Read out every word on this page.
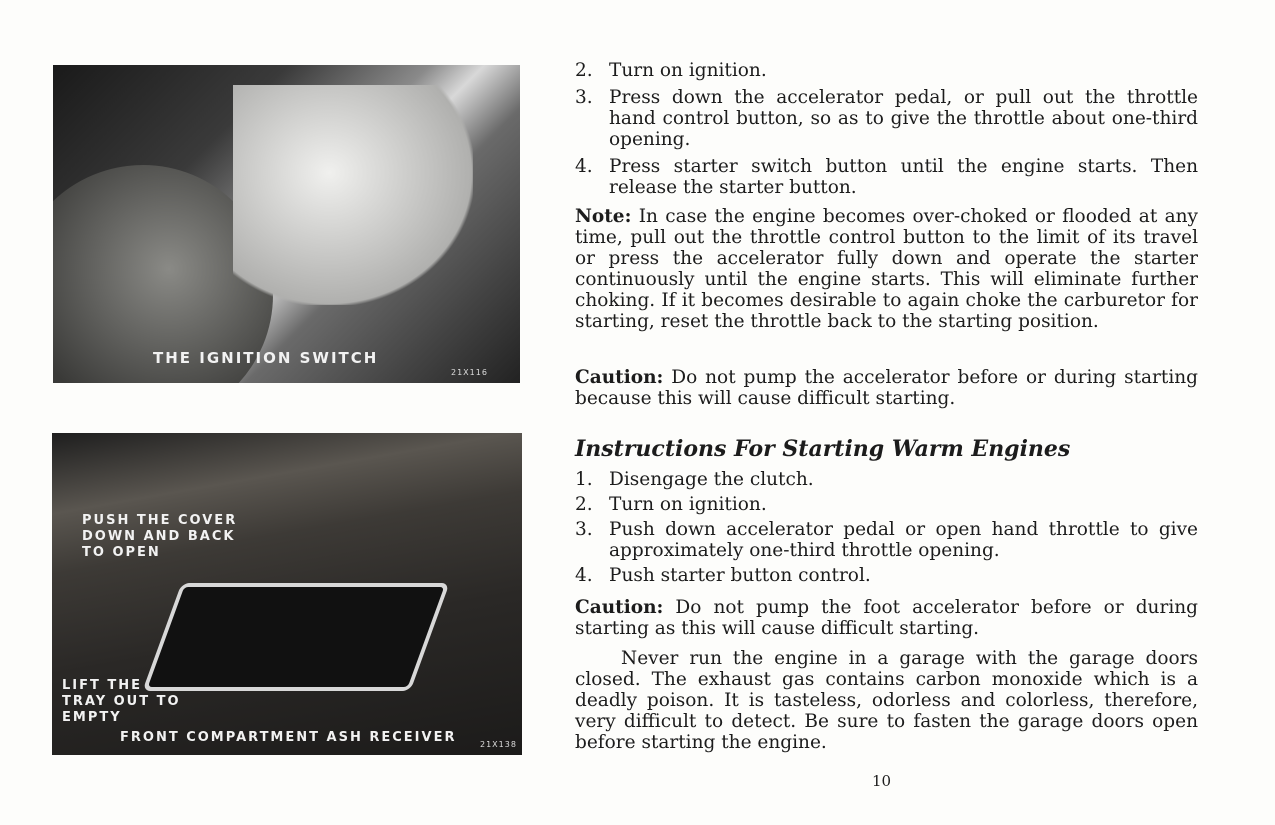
THE IGNITION SWITCH
21X116
PUSH THE COVER DOWN AND BACK TO OPEN
LIFT THE TRAY OUT TO EMPTY
FRONT COMPARTMENT ASH RECEIVER	21X138
2. Turn on ignition.
3. Press down the accelerator pedal, or pull out the throttle hand control button, so as to give the throttle about one-third opening.
4. Press starter switch button until the engine starts. Then release the starter button.
Note: In case the engine becomes over-choked or flooded at any time, pull out the throttle control button to the limit of its travel or press the accelerator fully down and operate the starter continuously until the engine starts. This will eliminate further choking. If it becomes desirable to again choke the carburetor for starting, reset the throttle back to the starting position.
Caution: Do not pump the accelerator before or during starting because this will cause difficult starting.
Instructions For Starting Warm Engines
1. Disengage the clutch.
2. Turn on ignition.
3. Push down accelerator pedal or open hand throttle to give approximately one-third throttle opening.
4. Push starter button control.
Caution: Do not pump the foot accelerator before or during starting as this will cause difficult starting.
Never run the engine in a garage with the garage doors closed. The exhaust gas contains carbon monoxide which is a deadly poison. It is tasteless, odorless and colorless, therefore, very difficult to detect. Be sure to fasten the garage doors open before starting the engine.
10
